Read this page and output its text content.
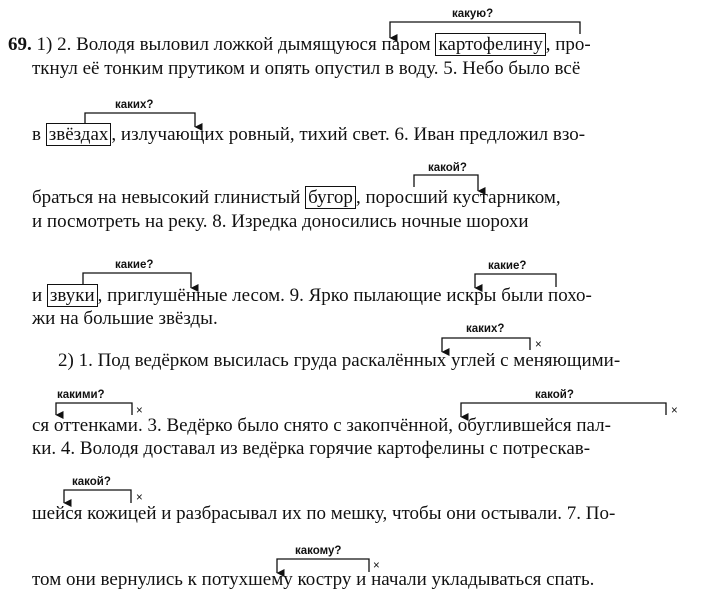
какую?
каких?
какой?
какие?	какие?
каких?
какими?	какой?
какой?
какому?
×
×	×
×
×
69. 1) 2. Володя выловил ложкой дымящуюся паром картофелину , про-
ткнул её тонким прутиком и опять опустил в воду. 5. Небо было всё
в звёздах , излучающих ровный, тихий свет. 6. Иван предложил взо-
браться на невысокий глинистый бугор , поросший кустарником,
и посмотреть на реку. 8. Изредка доносились ночные шорохи
и звуки , приглушённые лесом. 9. Ярко пылающие искры были похо-
жи на большие звёзды.
2) 1. Под ведёрком высилась груда раскалённых углей с меняющими-
ся оттенками. 3. Ведёрко было снято с закопчённой, обуглившейся пал-
ки. 4. Володя доставал из ведёрка горячие картофелины с потрескав-
шейся кожицей и разбрасывал их по мешку, чтобы они остывали. 7. По-
том они вернулись к потухшему костру и начали укладываться спать.
